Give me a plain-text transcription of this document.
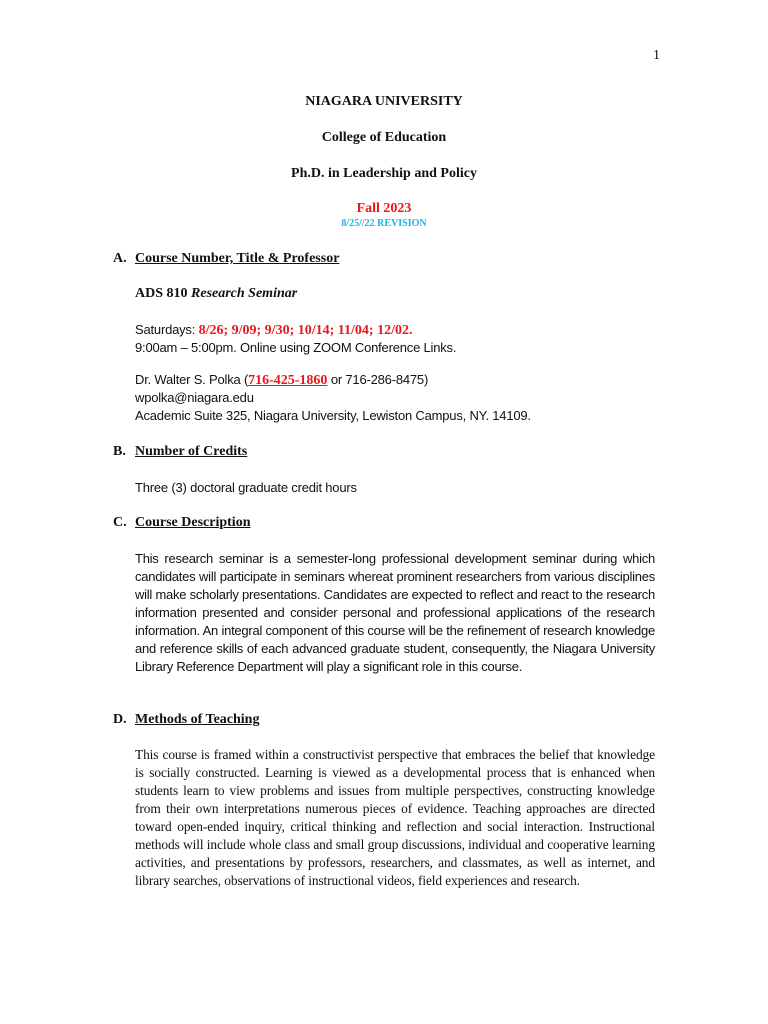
1
NIAGARA UNIVERSITY
College of Education
Ph.D. in Leadership and Policy
Fall 2023
8/25//22 REVISION
A. Course Number, Title & Professor
ADS 810 Research Seminar
Saturdays: 8/26; 9/09; 9/30; 10/14; 11/04; 12/02.
9:00am – 5:00pm. Online using ZOOM Conference Links.
Dr. Walter S. Polka (716-425-1860 or 716-286-8475)
wpolka@niagara.edu
Academic Suite 325, Niagara University, Lewiston Campus, NY. 14109.
B. Number of Credits
Three (3) doctoral graduate credit hours
C. Course Description
This research seminar is a semester-long professional development seminar during which candidates will participate in seminars whereat prominent researchers from various disciplines will make scholarly presentations. Candidates are expected to reflect and react to the research information presented and consider personal and professional applications of the research information. An integral component of this course will be the refinement of research knowledge and reference skills of each advanced graduate student, consequently, the Niagara University Library Reference Department will play a significant role in this course.
D. Methods of Teaching
This course is framed within a constructivist perspective that embraces the belief that knowledge is socially constructed. Learning is viewed as a developmental process that is enhanced when students learn to view problems and issues from multiple perspectives, constructing knowledge from their own interpretations numerous pieces of evidence. Teaching approaches are directed toward open-ended inquiry, critical thinking and reflection and social interaction. Instructional methods will include whole class and small group discussions, individual and cooperative learning activities, and presentations by professors, researchers, and classmates, as well as internet, and library searches, observations of instructional videos, field experiences and research.
